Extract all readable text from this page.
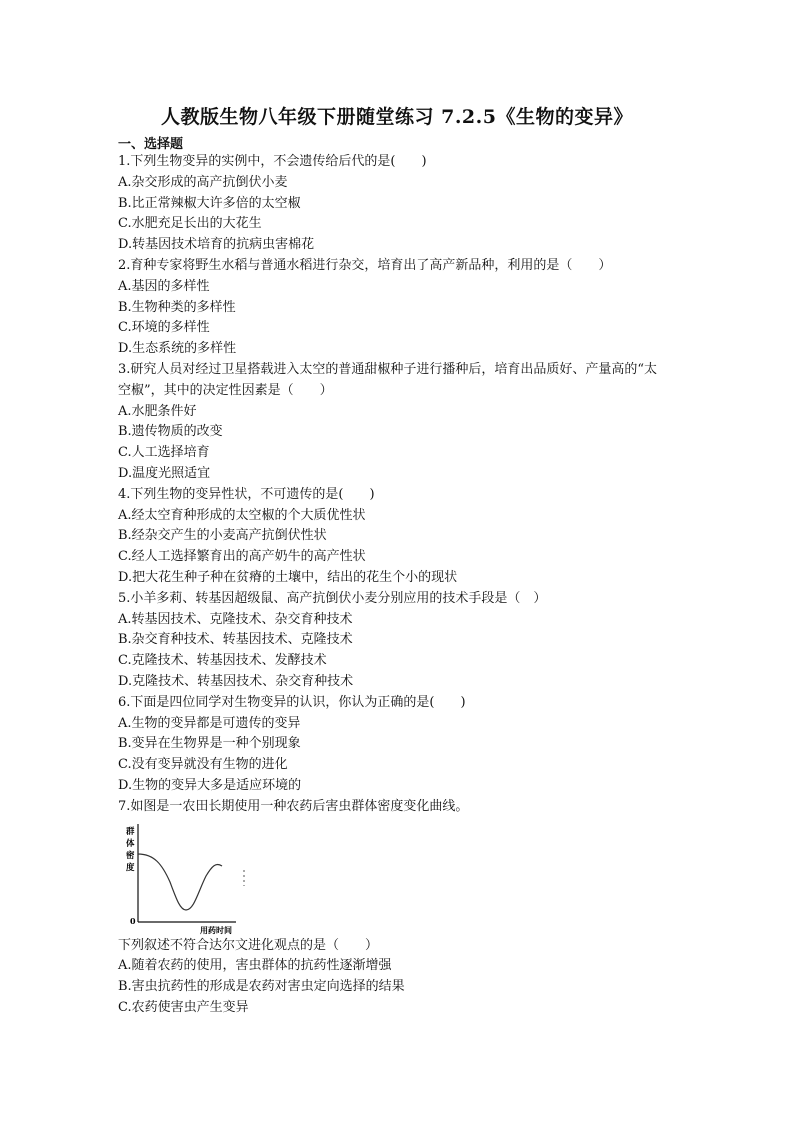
人教版生物八年级下册随堂练习 7.2.5《生物的变异》
一、选择题
1.下列生物变异的实例中，不会遗传给后代的是(　　)
A.杂交形成的高产抗倒伏小麦
B.比正常辣椒大许多倍的太空椒
C.水肥充足长出的大花生
D.转基因技术培育的抗病虫害棉花
2.育种专家将野生水稻与普通水稻进行杂交，培育出了高产新品种，利用的是（　　）
A.基因的多样性
B.生物种类的多样性
C.环境的多样性
D.生态系统的多样性
3.研究人员对经过卫星搭载进入太空的普通甜椒种子进行播种后，培育出品质好、产量高的“太
空椒”，其中的决定性因素是（　　）
A.水肥条件好
B.遗传物质的改变
C.人工选择培育
D.温度光照适宜
4.下列生物的变异性状，不可遗传的是(　　)
A.经太空育种形成的太空椒的个大质优性状
B.经杂交产生的小麦高产抗倒伏性状
C.经人工选择繁育出的高产奶牛的高产性状
D.把大花生种子种在贫瘠的土壤中，结出的花生个小的现状
5.小羊多莉、转基因超级鼠、高产抗倒伏小麦分别应用的技术手段是（　）
A.转基因技术、克隆技术、杂交育种技术
B.杂交育种技术、转基因技术、克隆技术
C.克隆技术、转基因技术、发酵技术
D.克隆技术、转基因技术、杂交育种技术
6.下面是四位同学对生物变异的认识，你认为正确的是(　　)
A.生物的变异都是可遗传的变异
B.变异在生物界是一种个别现象
C.没有变异就没有生物的进化
D.生物的变异大多是适应环境的
7.如图是一农田长期使用一种农药后害虫群体密度变化曲线。
群
体
密
度
0
用药时间
下列叙述不符合达尔文进化观点的是（　　）
A.随着农药的使用，害虫群体的抗药性逐渐增强
B.害虫抗药性的形成是农药对害虫定向选择的结果
C.农药使害虫产生变异
